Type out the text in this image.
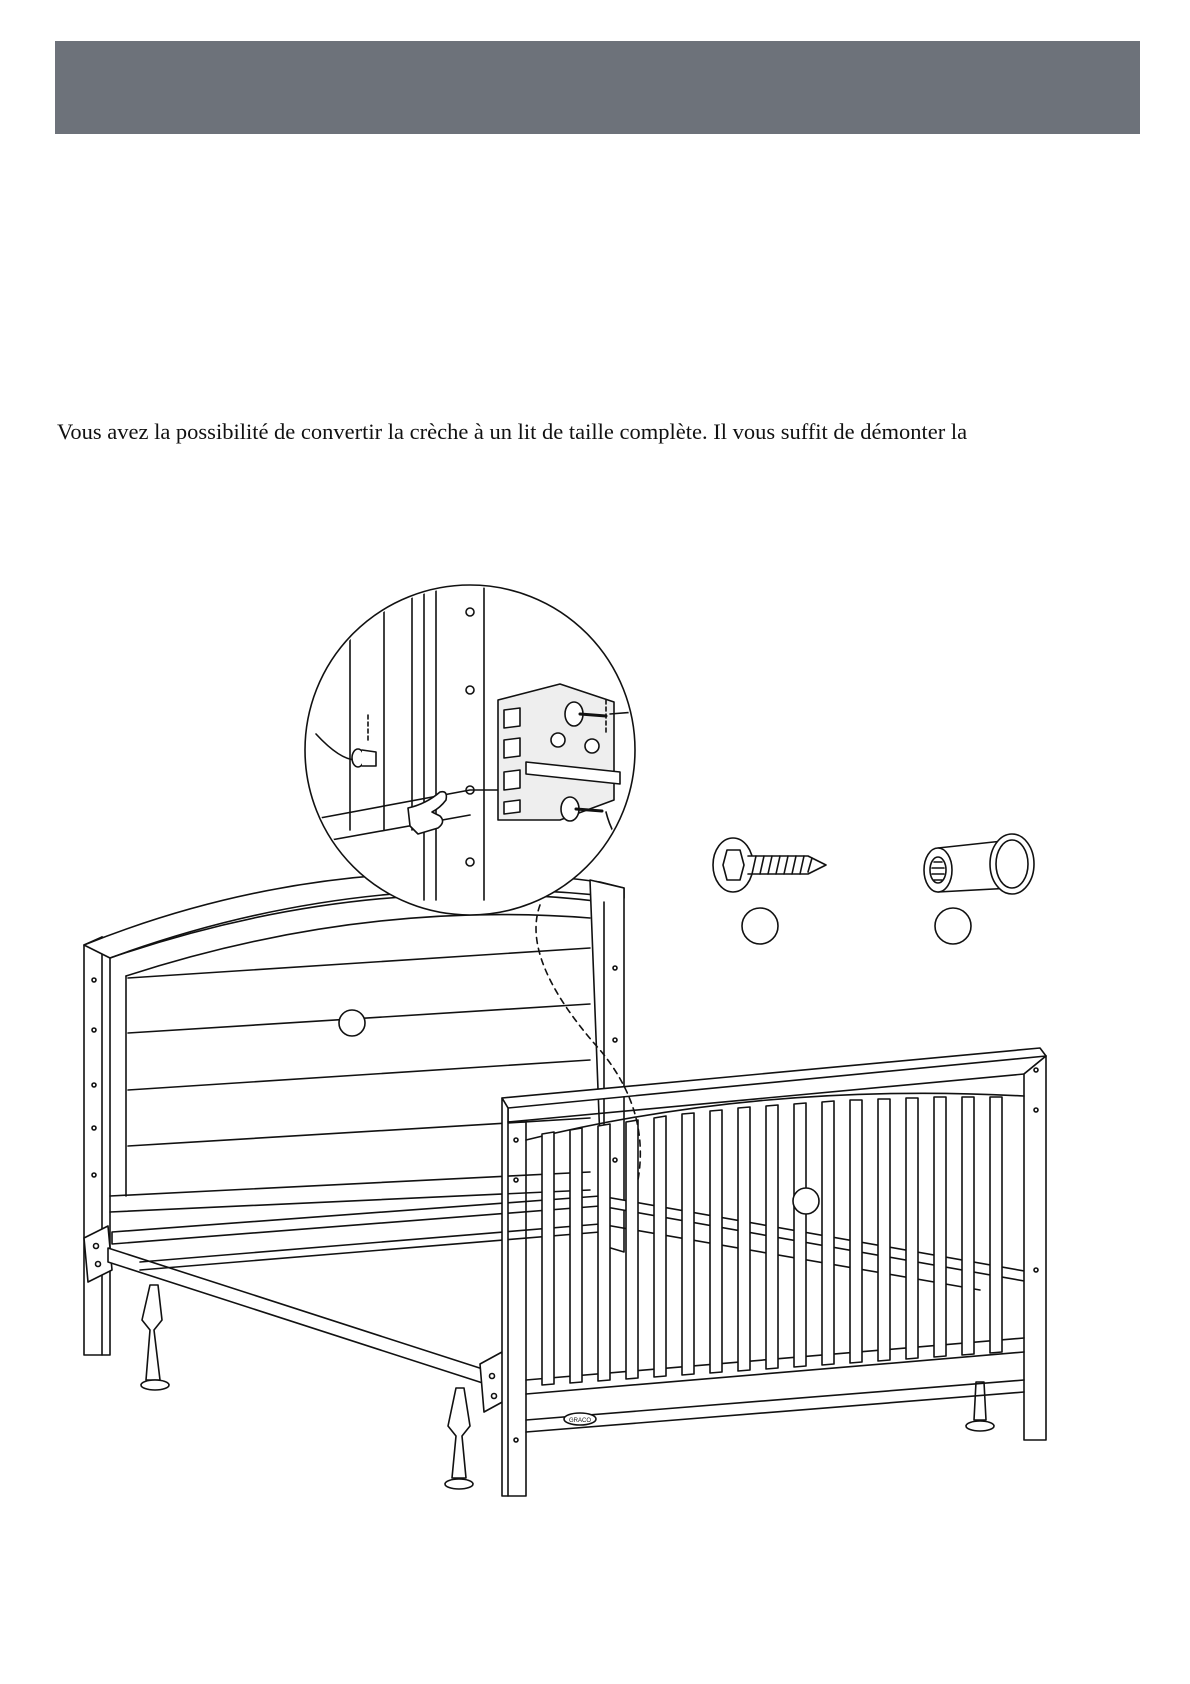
Vous avez la possibilité de convertir la crèche à un lit de taille complète. Il vous suffit de démonter la

GRACO
